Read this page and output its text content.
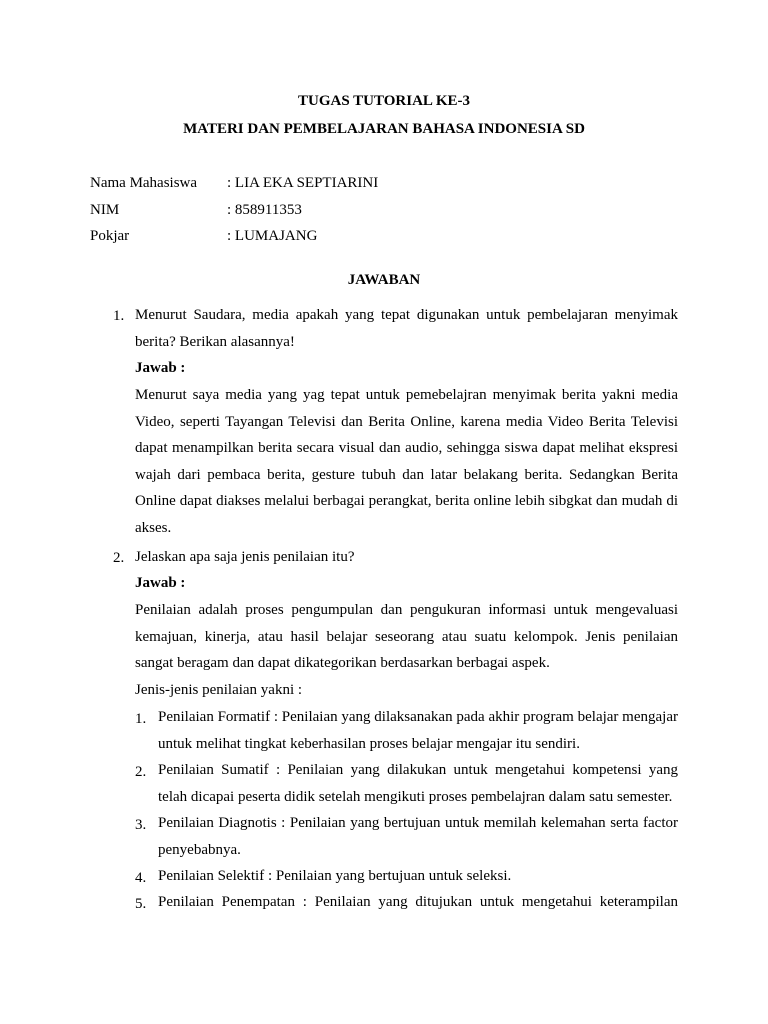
TUGAS TUTORIAL KE-3
MATERI DAN PEMBELAJARAN BAHASA INDONESIA SD
Nama Mahasiswa : LIA EKA SEPTIARINI
NIM	: 858911353
Pokjar	: LUMAJANG
JAWABAN
1. Menurut Saudara, media apakah yang tepat digunakan untuk pembelajaran menyimak berita? Berikan alasannya!
Jawab :
Menurut saya media yang yag tepat untuk pemebelajran menyimak berita yakni media Video, seperti Tayangan Televisi dan Berita Online, karena media Video Berita Televisi dapat menampilkan berita secara visual dan audio, sehingga siswa dapat melihat ekspresi wajah dari pembaca berita, gesture tubuh dan latar belakang berita. Sedangkan Berita Online dapat diakses melalui berbagai perangkat, berita online lebih sibgkat dan mudah di akses.
2. Jelaskan apa saja jenis penilaian itu?
Jawab :
Penilaian adalah proses pengumpulan dan pengukuran informasi untuk mengevaluasi kemajuan, kinerja, atau hasil belajar seseorang atau suatu kelompok. Jenis penilaian sangat beragam dan dapat dikategorikan berdasarkan berbagai aspek.
Jenis-jenis penilaian yakni :
1. Penilaian Formatif : Penilaian yang dilaksanakan pada akhir program belajar mengajar untuk melihat tingkat keberhasilan proses belajar mengajar itu sendiri.
2. Penilaian Sumatif : Penilaian yang dilakukan untuk mengetahui kompetensi yang telah dicapai peserta didik setelah mengikuti proses pembelajran dalam satu semester.
3. Penilaian Diagnotis : Penilaian yang bertujuan untuk memilah kelemahan serta factor penyebabnya.
4. Penilaian Selektif : Penilaian yang bertujuan untuk seleksi.
5. Penilaian Penempatan : Penilaian yang ditujukan untuk mengetahui keterampilan
